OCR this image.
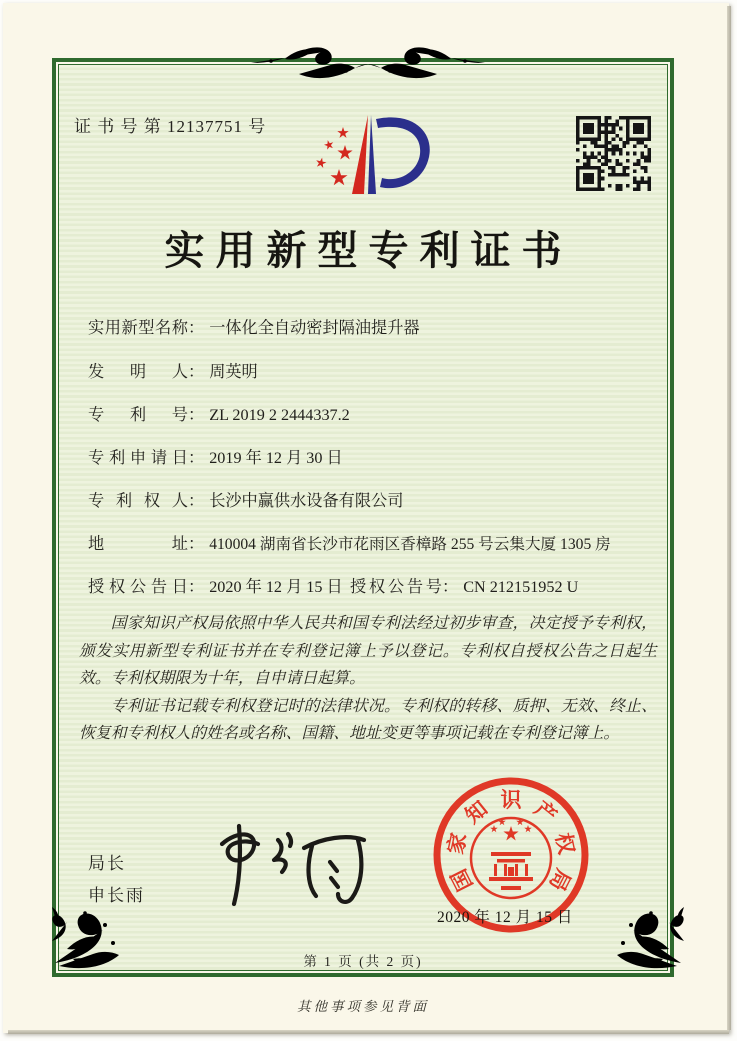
证 书 号 第 12137751 号
实用新型专利证书
实用新型名称 ： 一体化全自动密封隔油提升器
发明人 ： 周英明
专利号 ： ZL 2019 2 2444337.2
专利申请日 ： 2019 年 12 月 30 日
专利权人 ： 长沙中赢供水设备有限公司
地址 ： 410004 湖南省长沙市花雨区香樟路 255 号云集大厦 1305 房
授权公告日 ： 2020 年 12 月 15 日 授权公告号 ： CN 212151952 U

国家知识产权局依照中华人民共和国专利法经过初步审查，决定授予专利权，颁发实用新型专利证书并在专利登记簿上予以登记。专利权自授权公告之日起生效。专利权期限为十年，自申请日起算。

专利证书记载专利权登记时的法律状况。专利权的转移、质押、无效、终止、恢复和专利权人的姓名或名称、国籍、地址变更等事项记载在专利登记簿上。

局长
申长雨
国
家
知 识 产
权
局
2020 年 12 月 15 日
第 1 页 (共 2 页)
其他事项参见背面
